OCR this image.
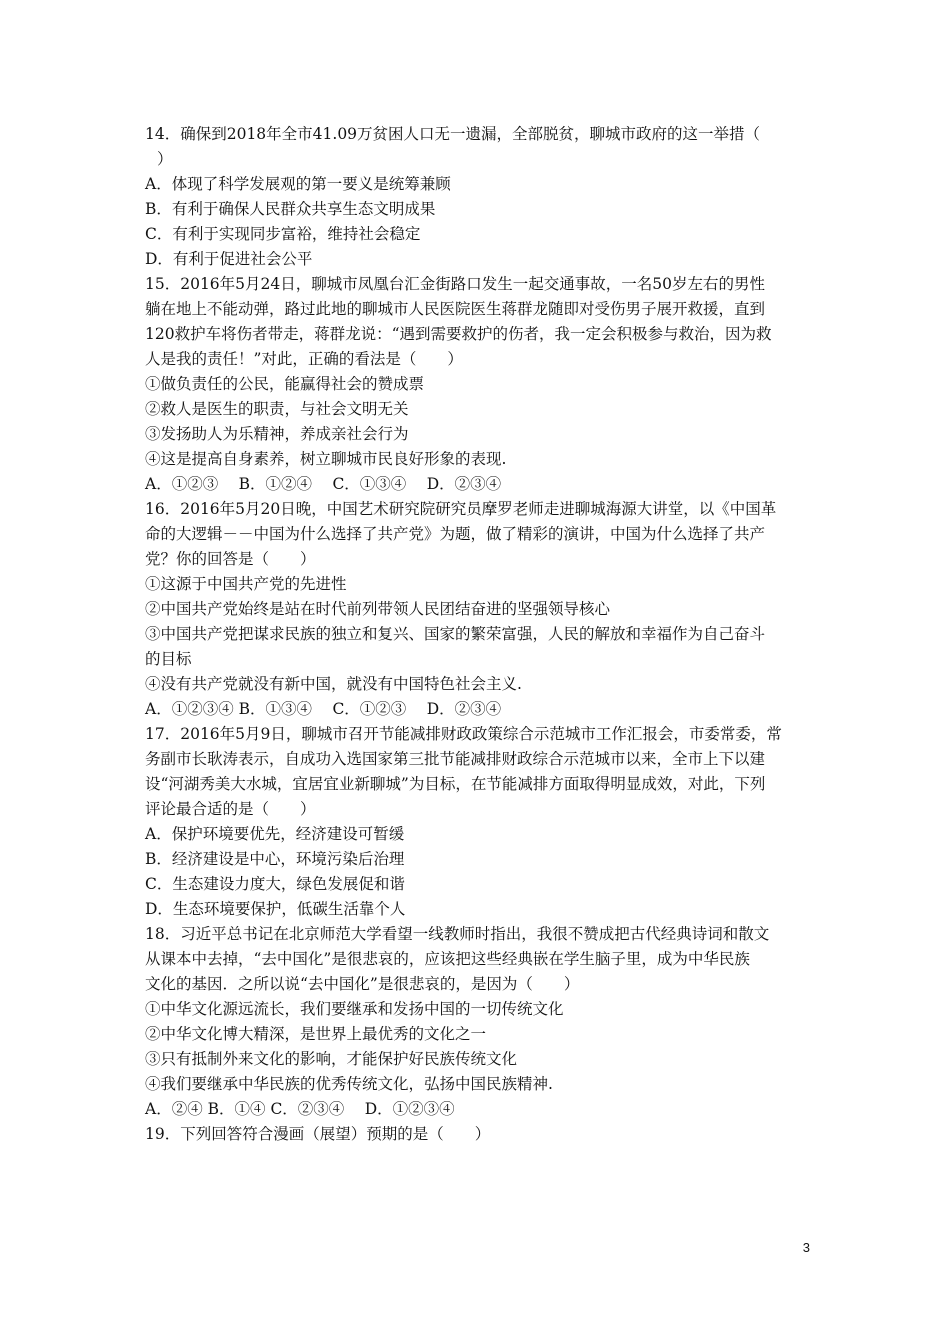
14．确保到2018年全市41.09万贫困人口无一遗漏，全部脱贫，聊城市政府的这一举措（
）
A．体现了科学发展观的第一要义是统筹兼顾
B．有利于确保人民群众共享生态文明成果
C．有利于实现同步富裕，维持社会稳定
D．有利于促进社会公平
15．2016年5月24日，聊城市凤凰台汇金街路口发生一起交通事故，一名50岁左右的男性
躺在地上不能动弹，路过此地的聊城市人民医院医生蒋群龙随即对受伤男子展开救援，直到
120救护车将伤者带走，蒋群龙说：“遇到需要救护的伤者，我一定会积极参与救治，因为救
人是我的责任！”对此，正确的看法是（　　）
①做负责任的公民，能赢得社会的赞成票
②救人是医生的职责，与社会文明无关
③发扬助人为乐精神，养成亲社会行为
④这是提高自身素养，树立聊城市民良好形象的表现.
A．①②③　 B．①②④　 C．①③④　 D．②③④
16．2016年5月20日晚，中国艺术研究院研究员摩罗老师走进聊城海源大讲堂，以《中国革
命的大逻辑－－中国为什么选择了共产党》为题，做了精彩的演讲，中国为什么选择了共产
党？你的回答是（　　）
①这源于中国共产党的先进性
②中国共产党始终是站在时代前列带领人民团结奋进的坚强领导核心
③中国共产党把谋求民族的独立和复兴、国家的繁荣富强，人民的解放和幸福作为自己奋斗
的目标
④没有共产党就没有新中国，就没有中国特色社会主义.
A．①②③④ B．①③④　 C．①②③　 D．②③④
17．2016年5月9日，聊城市召开节能减排财政政策综合示范城市工作汇报会，市委常委，常
务副市长耿涛表示，自成功入选国家第三批节能减排财政综合示范城市以来，全市上下以建
设“河湖秀美大水城，宜居宜业新聊城”为目标，在节能减排方面取得明显成效，对此，下列
评论最合适的是（　　）
A．保护环境要优先，经济建设可暂缓
B．经济建设是中心，环境污染后治理
C．生态建设力度大，绿色发展促和谐
D．生态环境要保护，低碳生活靠个人
18．习近平总书记在北京师范大学看望一线教师时指出，我很不赞成把古代经典诗词和散文
从课本中去掉，“去中国化”是很悲哀的，应该把这些经典嵌在学生脑子里，成为中华民族
文化的基因．之所以说“去中国化”是很悲哀的，是因为（　　）
①中华文化源远流长，我们要继承和发扬中国的一切传统文化
②中华文化博大精深，是世界上最优秀的文化之一
③只有抵制外来文化的影响，才能保护好民族传统文化
④我们要继承中华民族的优秀传统文化，弘扬中国民族精神.
A．②④ B．①④ C．②③④　 D．①②③④
19．下列回答符合漫画（展望）预期的是（　　）
3
